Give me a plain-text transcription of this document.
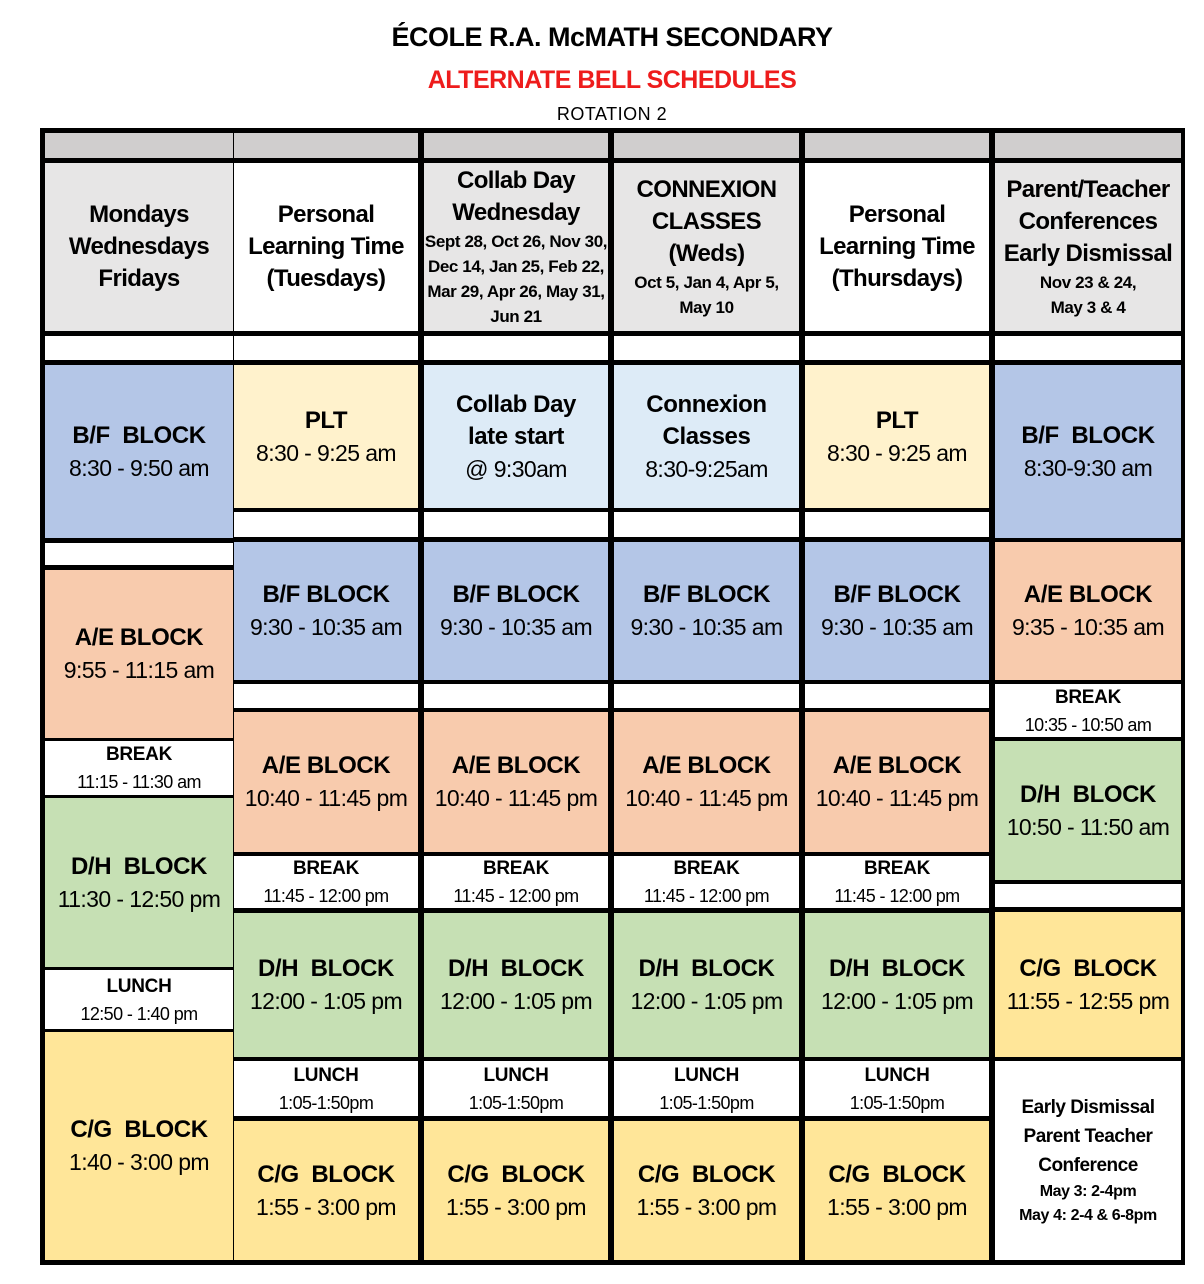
ÉCOLE R.A. McMATH SECONDARY
ALTERNATE BELL SCHEDULES
ROTATION 2
Mondays
Wednesdays
Fridays
Personal
Learning Time
(Tuesdays)
Collab Day
Wednesday
Sept 28, Oct 26, Nov 30,
Dec 14, Jan 25, Feb 22,
Mar 29, Apr 26, May 31,
Jun 21
CONNEXION
CLASSES
(Weds)
Oct 5, Jan 4, Apr 5,
May 10
Personal
Learning Time
(Thursdays)
Parent/Teacher
Conferences
Early Dismissal
Nov 23 & 24,
May 3 & 4
B/F  BLOCK
8:30 - 9:50 am
A/E BLOCK
9:55 - 11:15 am
BREAK
11:15 - 11:30 am
D/H  BLOCK
11:30 - 12:50 pm
LUNCH
12:50 - 1:40 pm
C/G  BLOCK
1:40 - 3:00 pm
PLT
8:30 - 9:25 am
B/F BLOCK
9:30 - 10:35 am
A/E BLOCK
10:40 - 11:45 pm
BREAK
11:45 - 12:00 pm
D/H  BLOCK
12:00 - 1:05 pm
LUNCH
1:05-1:50pm
C/G  BLOCK
1:55 - 3:00 pm
Collab Day
late start
@ 9:30am
B/F BLOCK
9:30 - 10:35 am
A/E BLOCK
10:40 - 11:45 pm
BREAK
11:45 - 12:00 pm
D/H  BLOCK
12:00 - 1:05 pm
LUNCH
1:05-1:50pm
C/G  BLOCK
1:55 - 3:00 pm
Connexion
Classes
8:30-9:25am
B/F BLOCK
9:30 - 10:35 am
A/E BLOCK
10:40 - 11:45 pm
BREAK
11:45 - 12:00 pm
D/H  BLOCK
12:00 - 1:05 pm
LUNCH
1:05-1:50pm
C/G  BLOCK
1:55 - 3:00 pm
PLT
8:30 - 9:25 am
B/F BLOCK
9:30 - 10:35 am
A/E BLOCK
10:40 - 11:45 pm
BREAK
11:45 - 12:00 pm
D/H  BLOCK
12:00 - 1:05 pm
LUNCH
1:05-1:50pm
C/G  BLOCK
1:55 - 3:00 pm
B/F  BLOCK
8:30-9:30 am
A/E BLOCK
9:35 - 10:35 am
BREAK
10:35 - 10:50 am
D/H  BLOCK
10:50 - 11:50 am
C/G  BLOCK
11:55 - 12:55 pm
Early Dismissal
Parent Teacher
Conference
May 3: 2-4pm
May 4: 2-4 & 6-8pm
